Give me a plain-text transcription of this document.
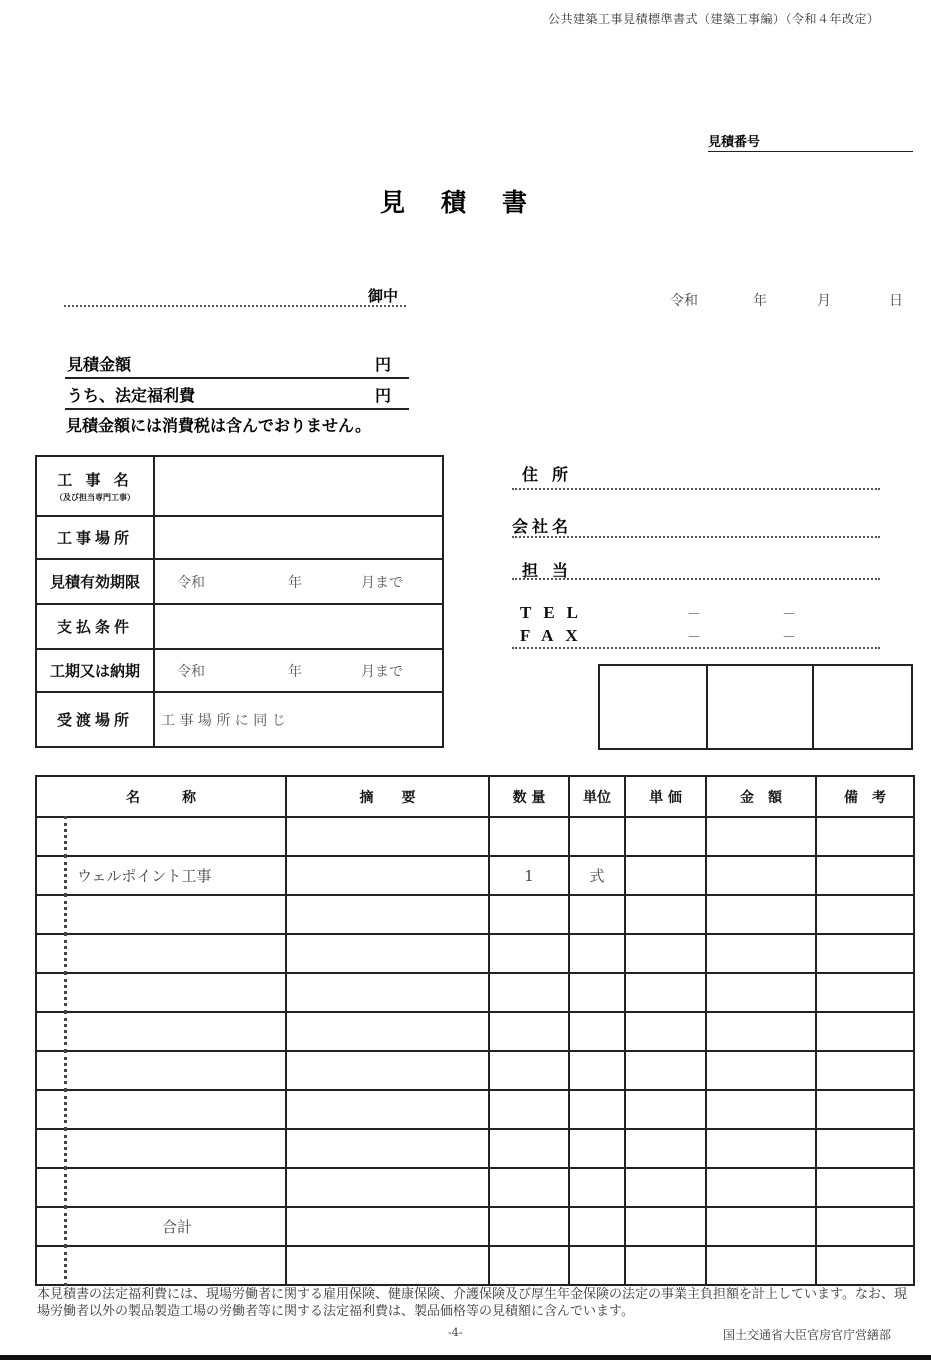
公共建築工事見積標準書式（建築工事編）（令和４年改定）
見積番号
見積書
御中	令和	年	月	日
見積金額	円
うち、法定福利費	円
見積金額には消費税は含んでおりません。
工 事 名
（及び担当専門工事）	

工事場所	
見積有効期限	令和 年 月まで

支払条件	
工期又は納期	令和 年 月まで

受渡場所	工 事 場 所 に 同 じ
住所
会社名
担当
TEL	－	－
FAX	－	－
名　　　称	摘　　要	数 量	単位	単 価	金　額	備　考

ウェルポイント工事		1	式			

合計						

本見積書の法定福利費には、現場労働者に関する雇用保険、健康保険、介護保険及び厚生年金保険の法定の事業主負担額を計上しています。なお、現場労働者以外の製品製造工場の労働者等に関する法定福利費は、製品価格等の見積額に含んでいます。
-4-	国土交通省大臣官房官庁営繕部
